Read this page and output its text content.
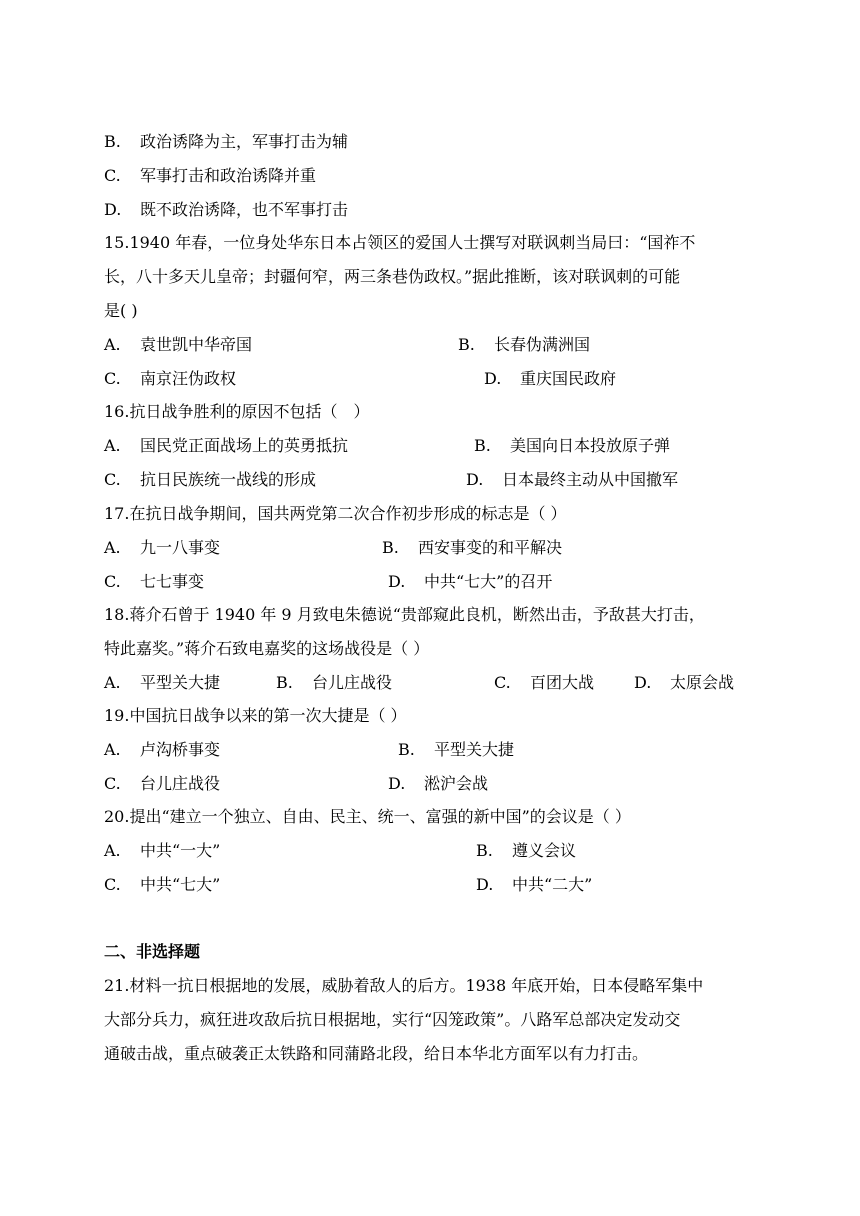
B. 政治诱降为主，军事打击为辅
C. 军事打击和政治诱降并重
D. 既不政治诱降，也不军事打击
15.1940 年春，一位身处华东日本占领区的爱国人士撰写对联讽刺当局曰：“国祚不
长，八十多天儿皇帝；封疆何窄，两三条巷伪政权。”据此推断，该对联讽刺的可能
是( )
A. 袁世凯中华帝国	B. 长春伪满洲国
C. 南京汪伪政权	D. 重庆国民政府
16.抗日战争胜利的原因不包括（　）
A. 国民党正面战场上的英勇抵抗	B. 美国向日本投放原子弹
C. 抗日民族统一战线的形成	D. 日本最终主动从中国撤军
17.在抗日战争期间，国共两党第二次合作初步形成的标志是（ ）
A. 九一八事变	B. 西安事变的和平解决
C. 七七事变	D. 中共“七大”的召开
18.蒋介石曾于 1940 年 9 月致电朱德说“贵部窥此良机，断然出击，予敌甚大打击，
特此嘉奖。”蒋介石致电嘉奖的这场战役是（ ）
A. 平型关大捷	B. 台儿庄战役	C. 百团大战 D. 太原会战
19.中国抗日战争以来的第一次大捷是（ ）
A. 卢沟桥事变	B. 平型关大捷
C. 台儿庄战役	D. 淞沪会战
20.提出“建立一个独立、自由、民主、统一、富强的新中国”的会议是（ ）
A. 中共“一大”	B. 遵义会议
C. 中共“七大”	D. 中共“二大”
二、非选择题
21.材料一抗日根据地的发展，威胁着敌人的后方。1938 年底开始，日本侵略军集中
大部分兵力，疯狂进攻敌后抗日根据地，实行“囚笼政策”。八路军总部决定发动交
通破击战，重点破袭正太铁路和同蒲路北段，给日本华北方面军以有力打击。
